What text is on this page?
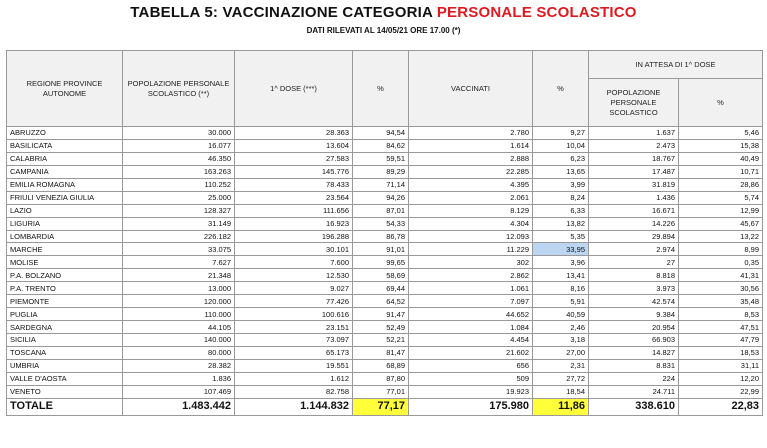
TABELLA 5: VACCINAZIONE CATEGORIA PERSONALE SCOLASTICO
DATI RILEVATI AL 14/05/21 ORE 17.00 (*)
REGIONE PROVINCE AUTONOME	POPOLAZIONE PERSONALE SCOLASTICO (**)	1^ DOSE (***)	%	VACCINATI	%	IN ATTESA DI 1^ DOSE	
						POPOLAZIONE PERSONALE SCOLASTICO	%
ABRUZZO	30.000	28.363	94,54	2.780	9,27	1.637	5,46
BASILICATA	16.077	13.604	84,62	1.614	10,04	2.473	15,38
CALABRIA	46.350	27.583	59,51	2.888	6,23	18.767	40,49
CAMPANIA	163.263	145.776	89,29	22.285	13,65	17.487	10,71
EMILIA ROMAGNA	110.252	78.433	71,14	4.395	3,99	31.819	28,86
FRIULI VENEZIA GIULIA	25.000	23.564	94,26	2.061	8,24	1.436	5,74
LAZIO	128.327	111.656	87,01	8.129	6,33	16.671	12,99
LIGURIA	31.149	16.923	54,33	4.304	13,82	14.226	45,67
LOMBARDIA	226.182	196.288	86,78	12.093	5,35	29.894	13,22
MARCHE	33.075	30.101	91,01	11.229	33,95	2.974	8,99
MOLISE	7.627	7.600	99,65	302	3,96	27	0,35
P.A. BOLZANO	21.348	12.530	58,69	2.862	13,41	8.818	41,31
P.A. TRENTO	13.000	9.027	69,44	1.061	8,16	3.973	30,56
PIEMONTE	120.000	77.426	64,52	7.097	5,91	42.574	35,48
PUGLIA	110.000	100.616	91,47	44.652	40,59	9.384	8,53
SARDEGNA	44.105	23.151	52,49	1.084	2,46	20.954	47,51
SICILIA	140.000	73.097	52,21	4.454	3,18	66.903	47,79
TOSCANA	80.000	65.173	81,47	21.602	27,00	14.827	18,53
UMBRIA	28.382	19.551	68,89	656	2,31	8.831	31,11
VALLE D'AOSTA	1.836	1.612	87,80	509	27,72	224	12,20
VENETO	107.469	82.758	77,01	19.923	18,54	24.711	22,99
TOTALE	1.483.442	1.144.832	77,17	175.980	11,86	338.610	22,83
